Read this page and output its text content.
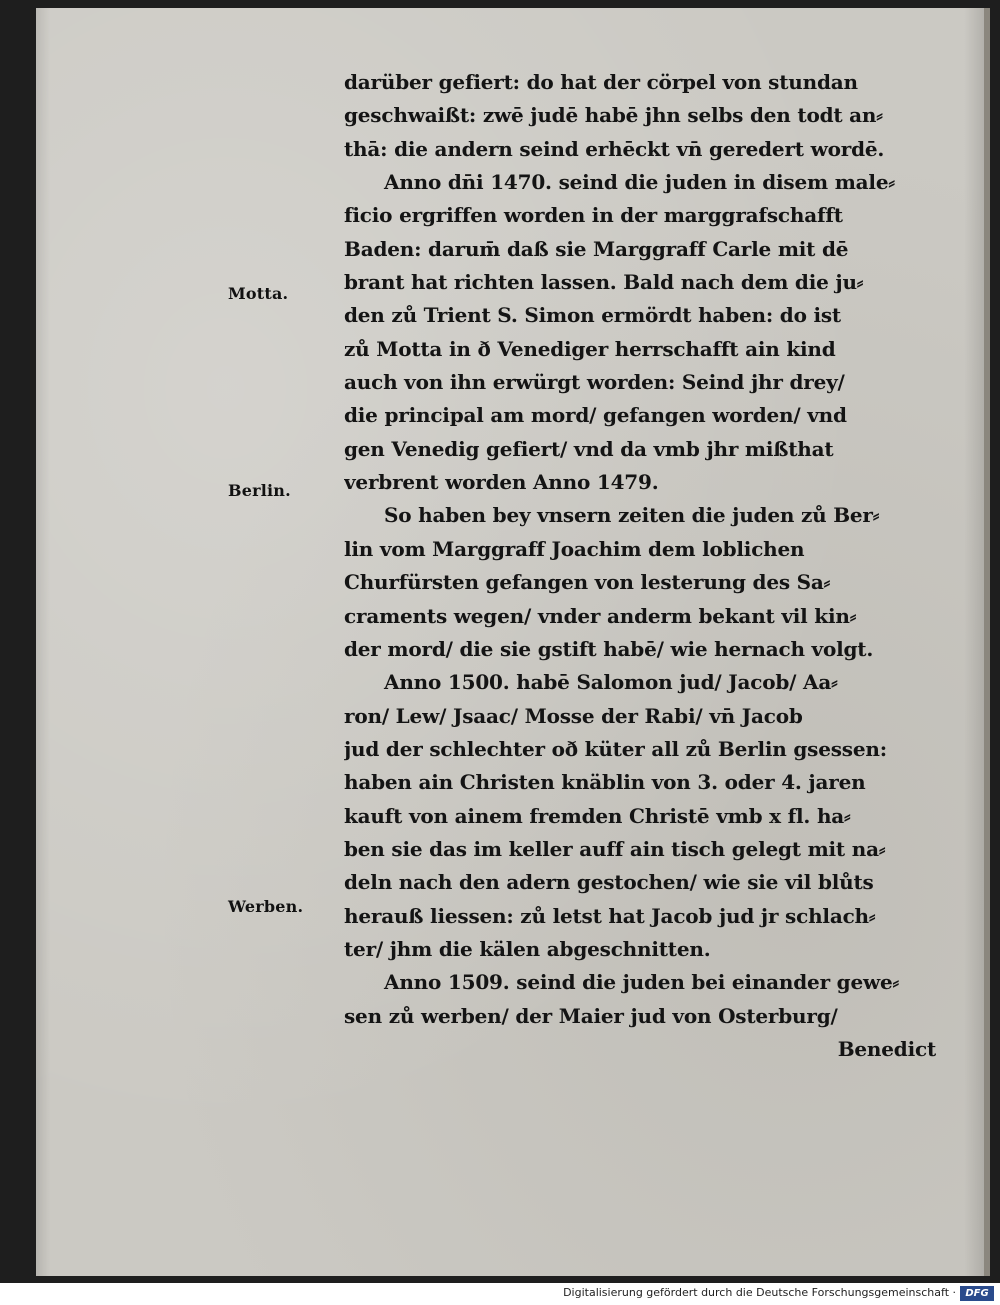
Motta.
Berlin.
Werben.
darüber gefiert: do hat der cörpel von stundan
geschwaißt: zwē judē habē jhn selbs den todt an⸗
thā: die andern seind erhēckt vn̄ geredert wordē.
Anno dn̄i 1470. seind die juden in disem male⸗
ficio ergriffen worden in der marggrafschafft
Baden: darum̄ daß sie Marggraff Carle mit dē
brant hat richten lassen. Bald nach dem die ju⸗
den zů Trient S. Simon ermördt haben: do ist
zů Motta in ð Venediger herrschafft ain kind
auch von ihn erwürgt worden: Seind jhr drey/
die principal am mord/ gefangen worden/ vnd
gen Venedig gefiert/ vnd da vmb jhr mißthat
verbrent worden Anno 1479.
So haben bey vnsern zeiten die juden zů Ber⸗
lin vom Marggraff Joachim dem loblichen
Churfürsten gefangen von lesterung des Sa⸗
craments wegen/ vnder anderm bekant vil kin⸗
der mord/ die sie gstift habē/ wie hernach volgt.
Anno 1500. habē Salomon jud/ Jacob/ Aa⸗
ron/ Lew/ Jsaac/ Mosse der Rabi/ vn̄ Jacob
jud der schlechter oð küter all zů Berlin gsessen:
haben ain Christen knäblin von 3. oder 4. jaren
kauft von ainem fremden Christē vmb x fl. ha⸗
ben sie das im keller auff ain tisch gelegt mit na⸗
deln nach den adern gestochen/ wie sie vil blůts
herauß liessen: zů letst hat Jacob jud jr schlach⸗
ter/ jhm die kälen abgeschnitten.
Anno 1509. seind die juden bei einander gewe⸗
sen zů werben/ der Maier jud von Osterburg/
Benedict
Digitalisierung gefördert durch die Deutsche Forschungsgemeinschaft · DFG
